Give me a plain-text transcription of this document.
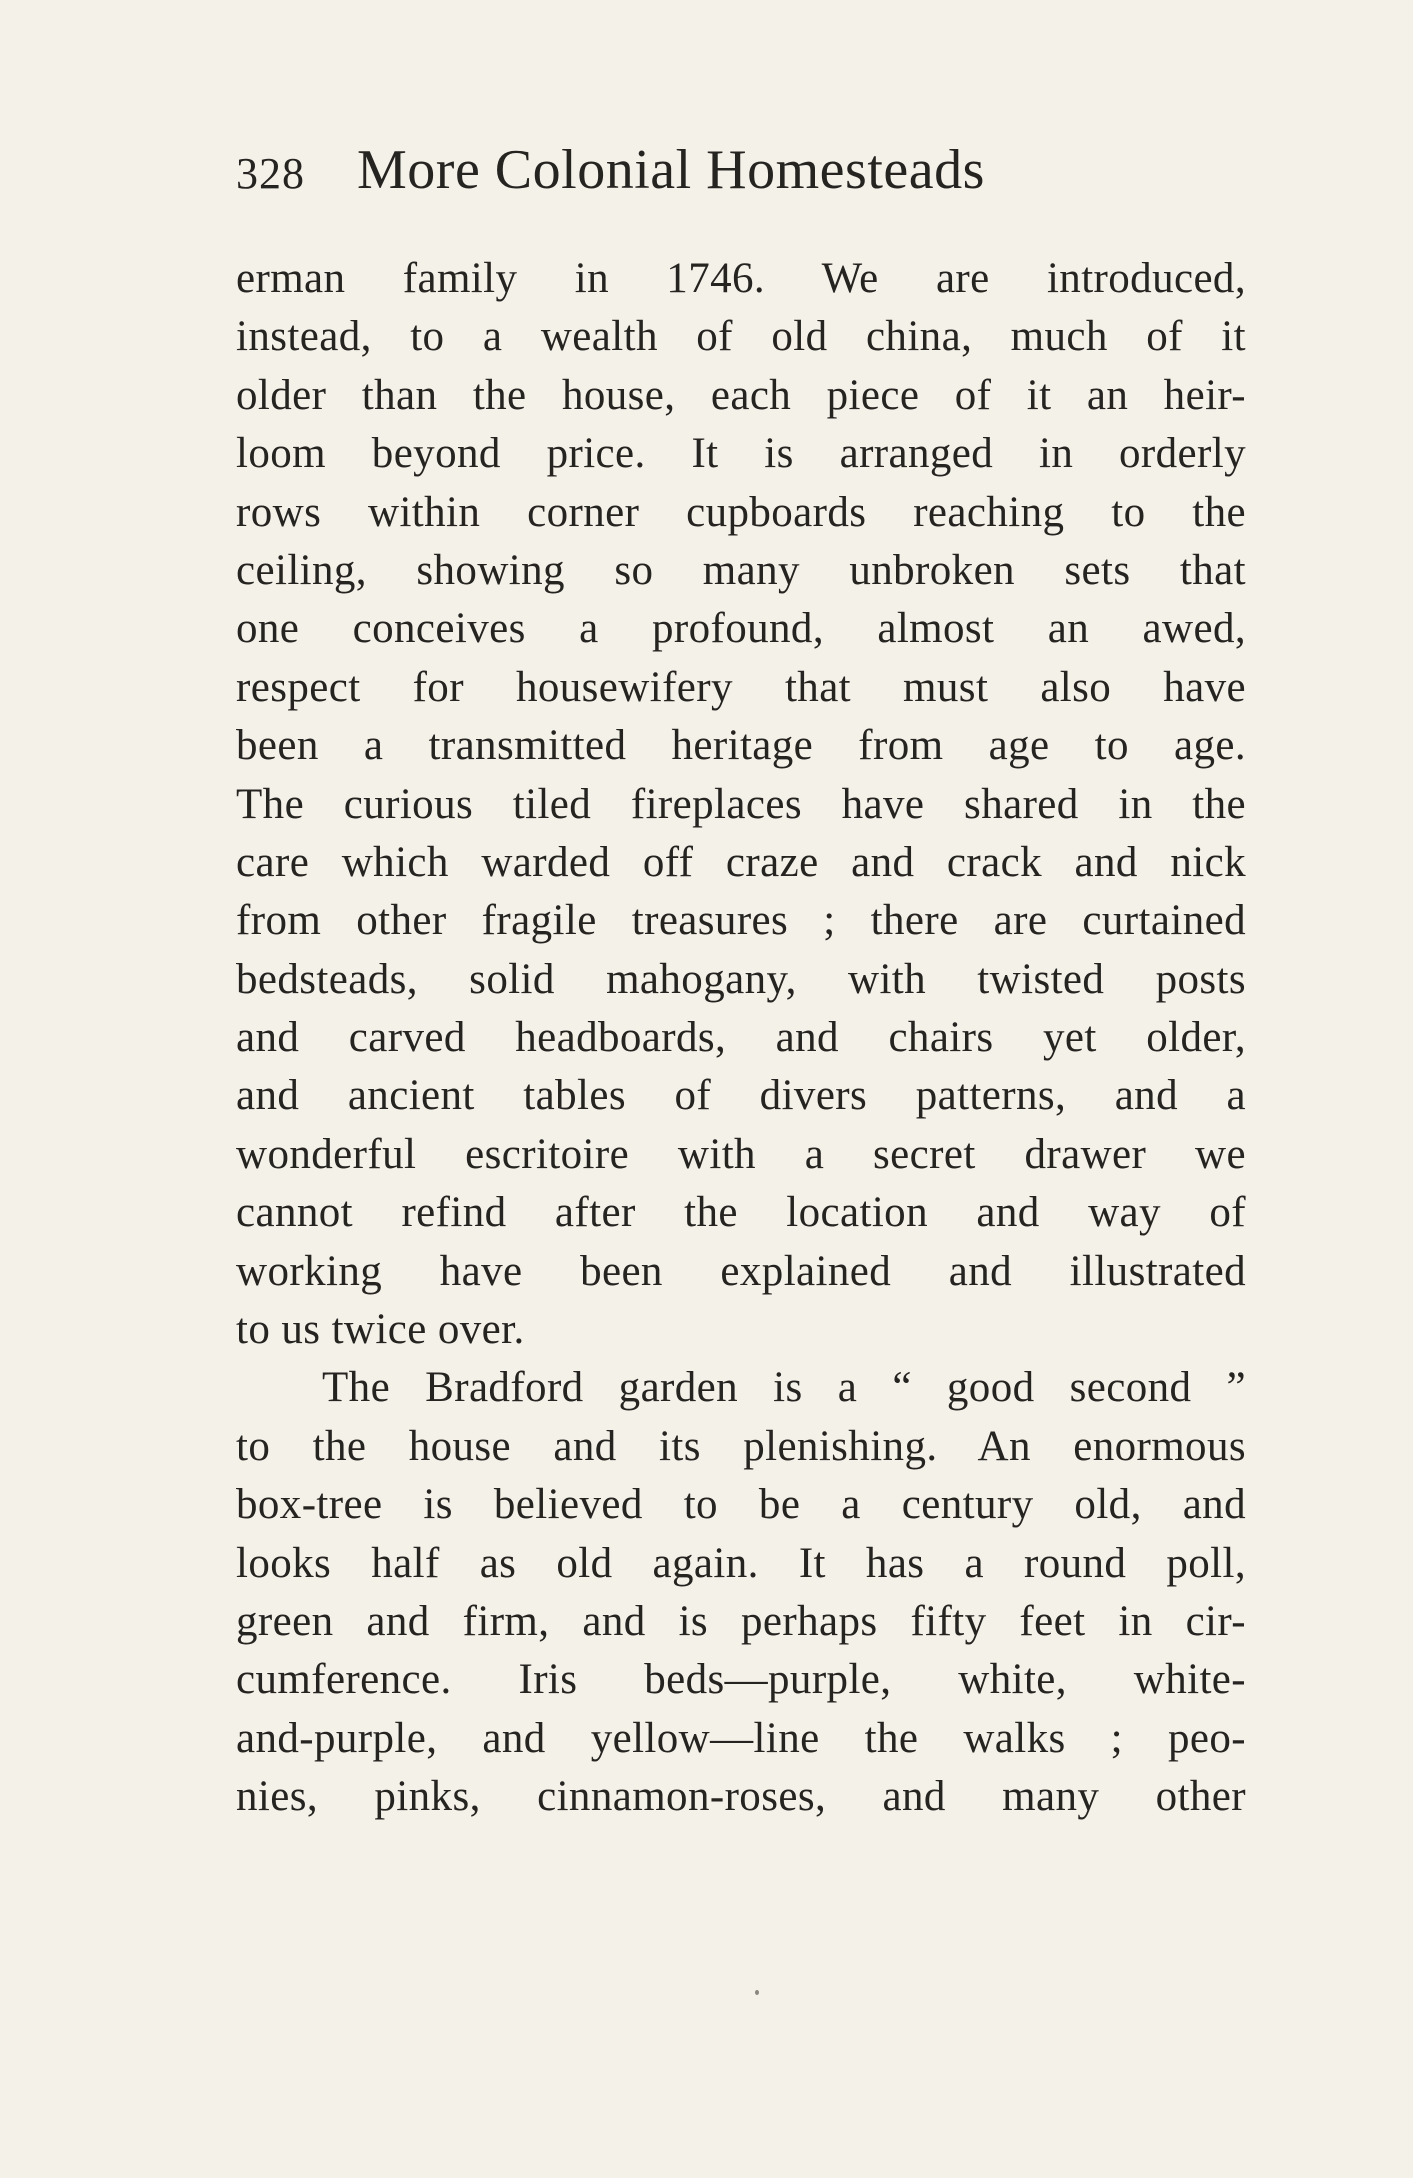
328 More Colonial Homesteads
erman family in 1746. We are introduced,
instead, to a wealth of old china, much of it
older than the house, each piece of it an heir-
loom beyond price. It is arranged in orderly
rows within corner cupboards reaching to the
ceiling, showing so many unbroken sets that
one conceives a profound, almost an awed,
respect for housewifery that must also have
been a transmitted heritage from age to age.
The curious tiled fireplaces have shared in the
care which warded off craze and crack and nick
from other fragile treasures ; there are curtained
bedsteads, solid mahogany, with twisted posts
and carved headboards, and chairs yet older,
and ancient tables of divers patterns, and a
wonderful escritoire with a secret drawer we
cannot refind after the location and way of
working have been explained and illustrated
to us twice over.
The Bradford garden is a “ good second ”
to the house and its plenishing. An enormous
box-tree is believed to be a century old, and
looks half as old again. It has a round poll,
green and firm, and is perhaps fifty feet in cir-
cumference. Iris beds—purple, white, white-
and-purple, and yellow—line the walks ; peo-
nies, pinks, cinnamon-roses, and many other
